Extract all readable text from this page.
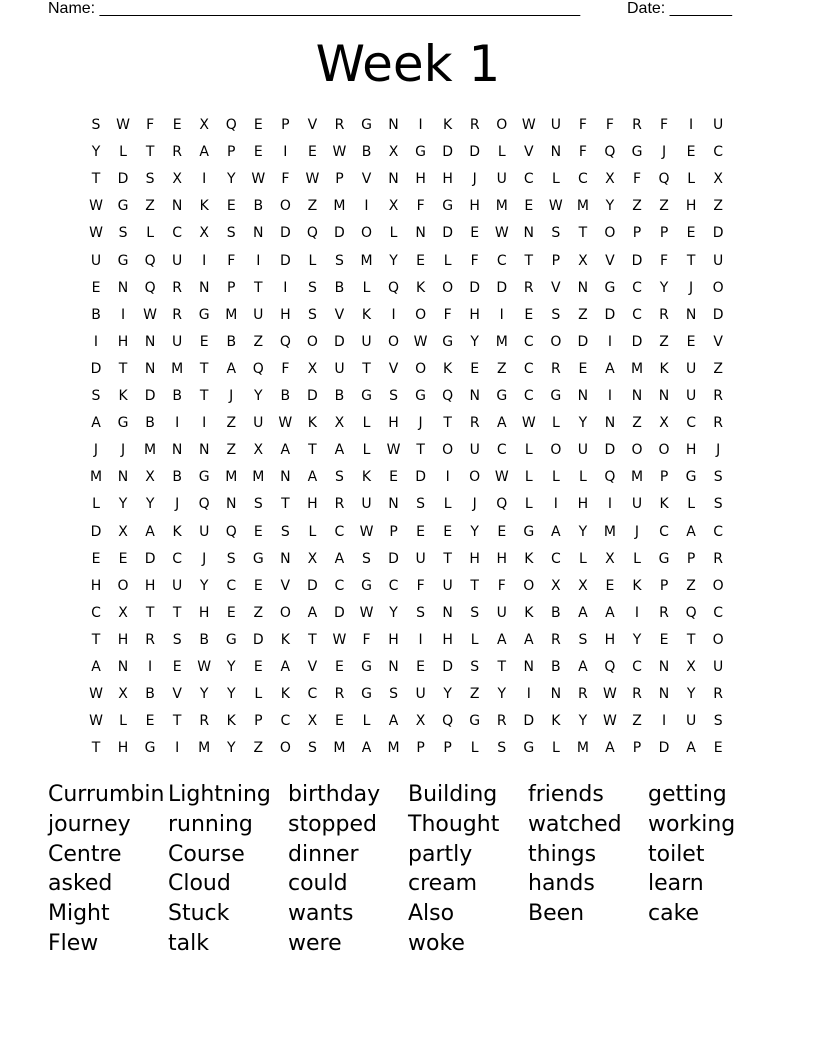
Name: ______________________________________________________	Date: _______
Week 1
S	W	F	E	X	Q	E	P	V	R	G	N	I	K	R	O	W	U	F	F	R	F	I	U
Y	L	T	R	A	P	E	I	E	W	B	X	G	D	D	L	V	N	F	Q	G	J	E	C
T	D	S	X	I	Y	W	F	W	P	V	N	H	H	J	U	C	L	C	X	F	Q	L	X
W	G	Z	N	K	E	B	O	Z	M	I	X	F	G	H	M	E	W	M	Y	Z	Z	H	Z
W	S	L	C	X	S	N	D	Q	D	O	L	N	D	E	W	N	S	T	O	P	P	E	D
U	G	Q	U	I	F	I	D	L	S	M	Y	E	L	F	C	T	P	X	V	D	F	T	U
E	N	Q	R	N	P	T	I	S	B	L	Q	K	O	D	D	R	V	N	G	C	Y	J	O
B	I	W	R	G	M	U	H	S	V	K	I	O	F	H	I	E	S	Z	D	C	R	N	D
I	H	N	U	E	B	Z	Q	O	D	U	O	W	G	Y	M	C	O	D	I	D	Z	E	V
D	T	N	M	T	A	Q	F	X	U	T	V	O	K	E	Z	C	R	E	A	M	K	U	Z
S	K	D	B	T	J	Y	B	D	B	G	S	G	Q	N	G	C	G	N	I	N	N	U	R
A	G	B	I	I	Z	U	W	K	X	L	H	J	T	R	A	W	L	Y	N	Z	X	C	R
J	J	M	N	N	Z	X	A	T	A	L	W	T	O	U	C	L	O	U	D	O	O	H	J
M	N	X	B	G	M	M	N	A	S	K	E	D	I	O	W	L	L	L	Q	M	P	G	S
L	Y	Y	J	Q	N	S	T	H	R	U	N	S	L	J	Q	L	I	H	I	U	K	L	S
D	X	A	K	U	Q	E	S	L	C	W	P	E	E	Y	E	G	A	Y	M	J	C	A	C
E	E	D	C	J	S	G	N	X	A	S	D	U	T	H	H	K	C	L	X	L	G	P	R
H	O	H	U	Y	C	E	V	D	C	G	C	F	U	T	F	O	X	X	E	K	P	Z	O
C	X	T	T	H	E	Z	O	A	D	W	Y	S	N	S	U	K	B	A	A	I	R	Q	C
T	H	R	S	B	G	D	K	T	W	F	H	I	H	L	A	A	R	S	H	Y	E	T	O
A	N	I	E	W	Y	E	A	V	E	G	N	E	D	S	T	N	B	A	Q	C	N	X	U
W	X	B	V	Y	Y	L	K	C	R	G	S	U	Y	Z	Y	I	N	R	W	R	N	Y	R
W	L	E	T	R	K	P	C	X	E	L	A	X	Q	G	R	D	K	Y	W	Z	I	U	S
T	H	G	I	M	Y	Z	O	S	M	A	M	P	P	L	S	G	L	M	A	P	D	A	E
Currumbin Lightning birthday Building friends getting
journey running stopped Thought watched working
Centre Course dinner partly	things toilet
asked	Cloud	could	cream hands learn
Might	Stuck	wants Also	Been	cake
Flew	talk	were	woke
